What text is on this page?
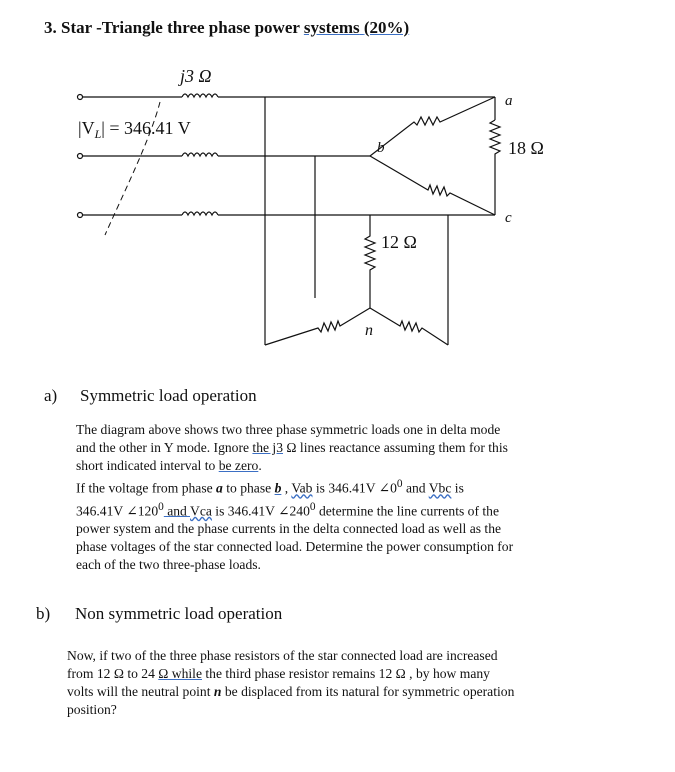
3. Star -Triangle three phase power systems (20%)
j3 Ω
$|V_L| = 346.41$ V
a
b
c
18 Ω
12 Ω
n
a) Symmetric load operation

The diagram above shows two three phase symmetric loads one in delta mode

and the other in Y mode. Ignore the j3 Ω lines reactance assuming them for this

short indicated interval to be zero.

If the voltage from phase a to phase b , Vab is 346.41V $\angle 0^0$ and Vbc is

346.41V $\angle 120^0$ and Vca is 346.41V $\angle 240^0$ determine the line currents of the

power system and the phase currents in the delta connected load as well as the

phase voltages of the star connected load. Determine the power consumption for

each of the two three-phase loads.

b) Non symmetric load operation

Now, if two of the three phase resistors of the star connected load are increased

from 12 Ω to 24 Ω while the third phase resistor remains 12 Ω , by how many

volts will the neutral point n be displaced from its natural for symmetric operation

position?
